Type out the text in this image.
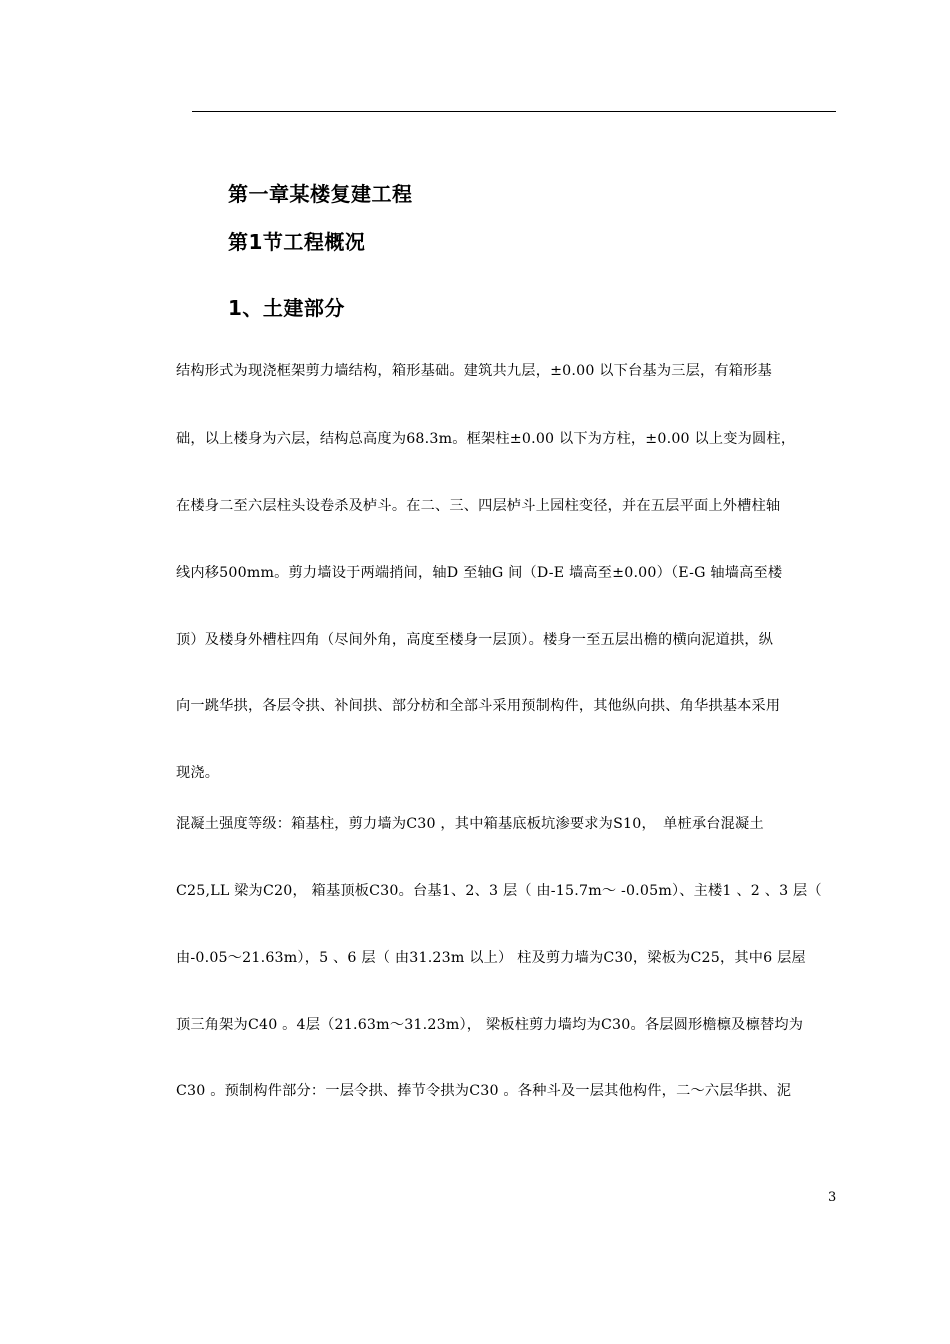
第一章某楼复建工程
第1节工程概况
1、土建部分
结构形式为现浇框架剪力墙结构，箱形基础。建筑共九层，±0.00 以下台基为三层，有箱形基
础，以上楼身为六层，结构总高度为68.3m。框架柱±0.00 以下为方柱，±0.00 以上变为圆柱，
在楼身二至六层柱头设卷杀及栌斗。在二、三、四层栌斗上园柱变径，并在五层平面上外槽柱轴
线内移500mm。剪力墙设于两端捎间，轴D 至轴G 间（D-E 墙高至±0.00）（E-G 轴墙高至楼
顶）及楼身外槽柱四角（尽间外角，高度至楼身一层顶）。楼身一至五层出檐的横向泥道拱，纵
向一跳华拱，各层令拱、补间拱、部分枋和全部斗采用预制构件，其他纵向拱、角华拱基本采用
现浇。
混凝土强度等级：箱基柱，剪力墙为C30 ，其中箱基底板坑渗要求为S10，　单桩承台混凝土
C25,LL 梁为C20， 箱基顶板C30。台基1、2、3 层（ 由-15.7m～ -0.05m）、主楼1 、2 、3 层（
由-0.05～21.63m），5 、6 层（ 由31.23m 以上） 柱及剪力墙为C30，梁板为C25，其中6 层屋
顶三角架为C40 。4层（21.63m～31.23m）， 梁板柱剪力墙均为C30。各层圆形檐檩及檩替均为
C30 。预制构件部分：一层令拱、捧节令拱为C30 。各种斗及一层其他构件，二～六层华拱、泥
3
